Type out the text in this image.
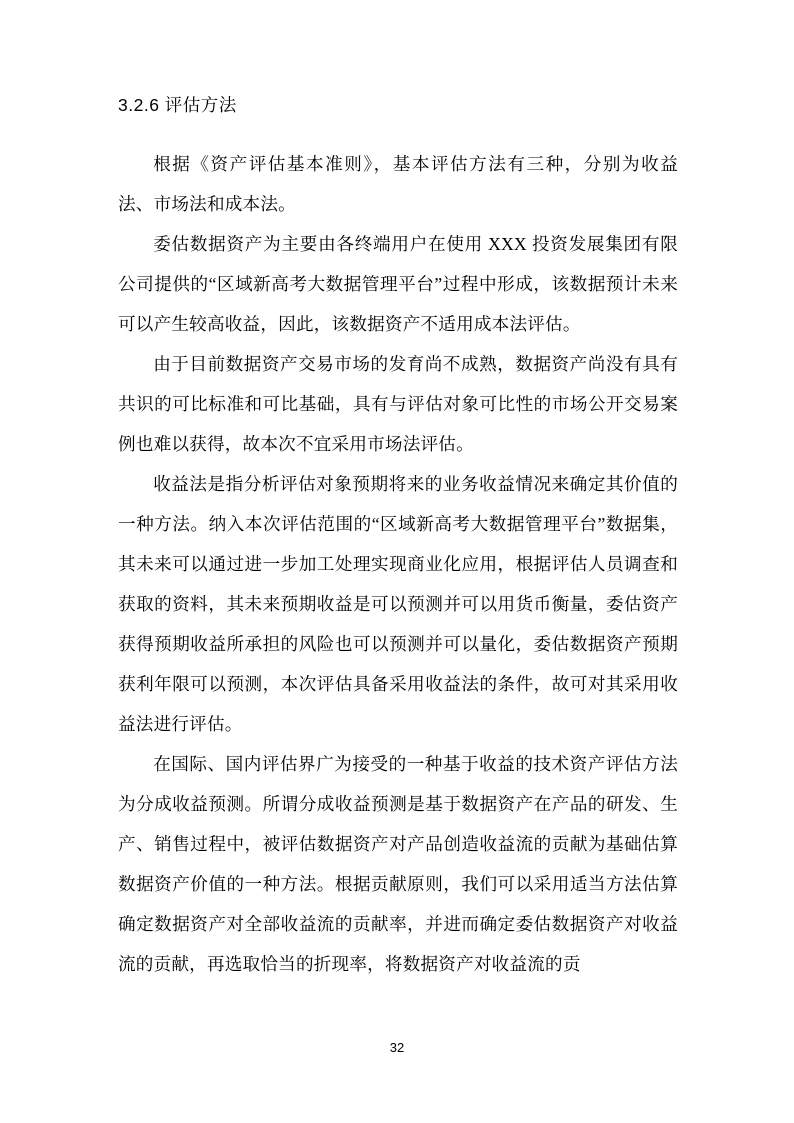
3.2.6 评估方法

根据《资产评估基本准则》，基本评估方法有三种，分别为收益法、市场法和成本法。

委估数据资产为主要由各终端用户在使用 XXX 投资发展集团有限公司提供的“区域新高考大数据管理平台”过程中形成，该数据预计未来可以产生较高收益，因此，该数据资产不适用成本法评估。

由于目前数据资产交易市场的发育尚不成熟，数据资产尚没有具有共识的可比标准和可比基础，具有与评估对象可比性的市场公开交易案例也难以获得，故本次不宜采用市场法评估。

收益法是指分析评估对象预期将来的业务收益情况来确定其价值的一种方法。纳入本次评估范围的“区域新高考大数据管理平台”数据集，其未来可以通过进一步加工处理实现商业化应用，根据评估人员调查和获取的资料，其未来预期收益是可以预测并可以用货币衡量，委估资产获得预期收益所承担的风险也可以预测并可以量化，委估数据资产预期获利年限可以预测，本次评估具备采用收益法的条件，故可对其采用收益法进行评估。

在国际、国内评估界广为接受的一种基于收益的技术资产评估方法为分成收益预测。所谓分成收益预测是基于数据资产在产品的研发、生产、销售过程中，被评估数据资产对产品创造收益流的贡献为基础估算数据资产价值的一种方法。根据贡献原则，我们可以采用适当方法估算确定数据资产对全部收益流的贡献率，并进而确定委估数据资产对收益流的贡献，再选取恰当的折现率，将数据资产对收益流的贡

32
